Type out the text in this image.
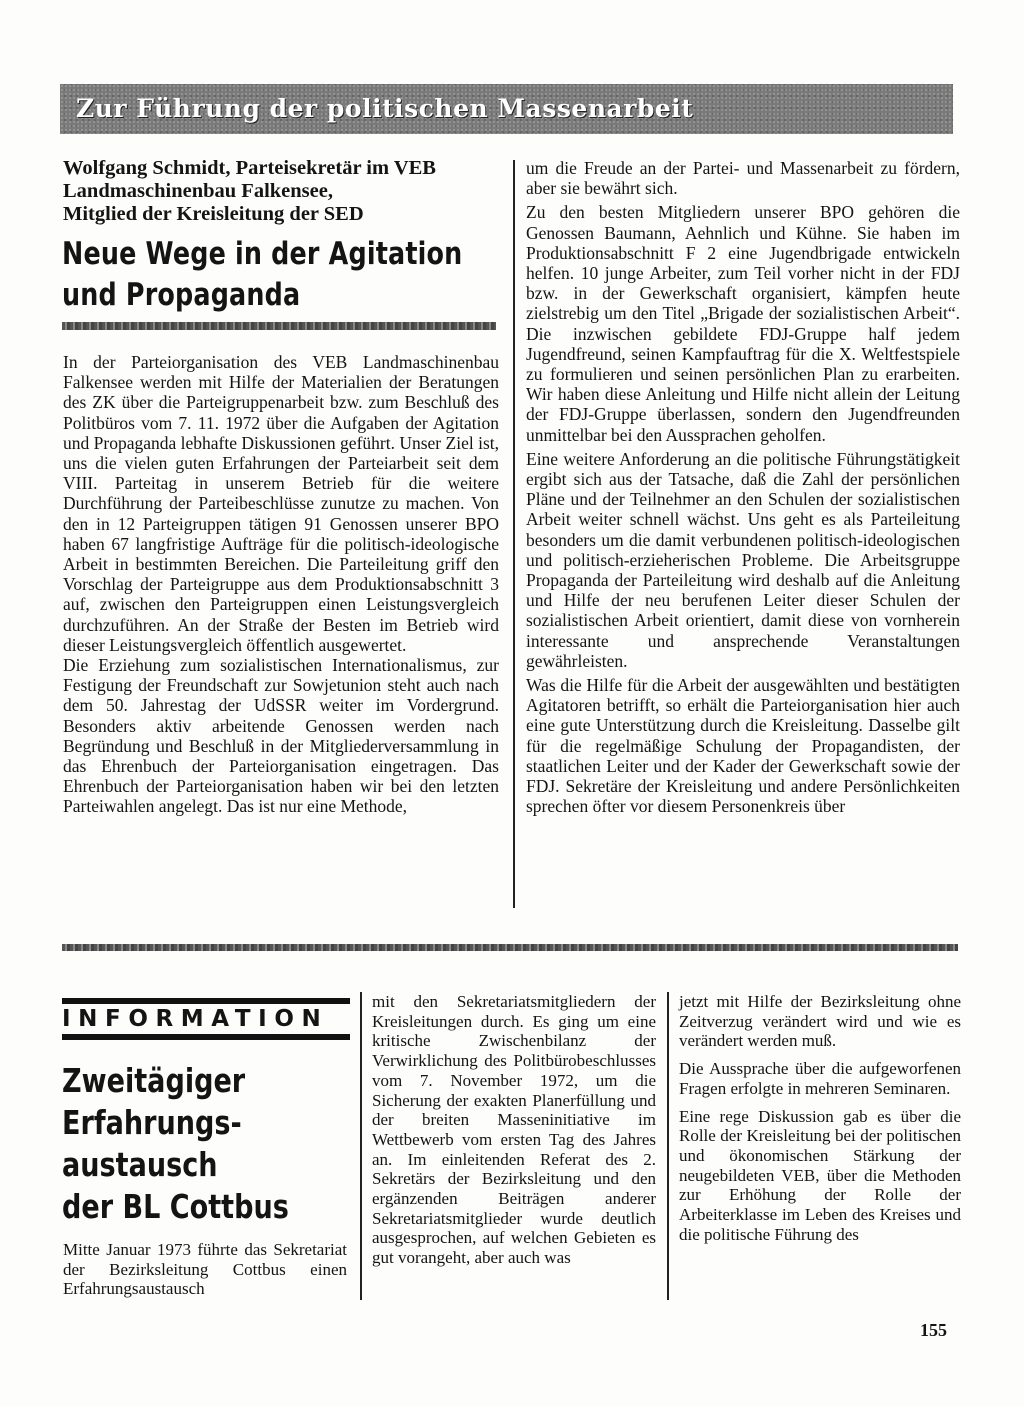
Zur Führung der politischen Massenarbeit
Wolfgang Schmidt, Parteisekretär im VEB
Landmaschinenbau Falkensee,
Mitglied der Kreisleitung der SED
Neue Wege in der Agitation
und Propaganda

In der Parteiorganisation des VEB Landmaschinenbau Falkensee werden mit Hilfe der Materialien der Beratungen des ZK über die Parteigruppenarbeit bzw. zum Beschluß des Politbüros vom 7. 11. 1972 über die Aufgaben der Agitation und Propaganda lebhafte Diskussionen geführt. Unser Ziel ist, uns die vielen guten Erfahrungen der Parteiarbeit seit dem VIII. Parteitag in unserem Betrieb für die weitere Durchführung der Parteibeschlüsse zunutze zu machen. Von den in 12 Parteigruppen tätigen 91 Genossen unserer BPO haben 67 langfristige Aufträge für die politisch-ideologische Arbeit in bestimmten Bereichen. Die Parteileitung griff den Vorschlag der Parteigruppe aus dem Produktionsabschnitt 3 auf, zwischen den Parteigruppen einen Leistungsvergleich durchzuführen. An der Straße der Besten im Betrieb wird dieser Leistungsvergleich öffentlich ausgewertet.

Die Erziehung zum sozialistischen Internationalismus, zur Festigung der Freundschaft zur Sowjetunion steht auch nach dem 50. Jahrestag der UdSSR weiter im Vordergrund. Besonders aktiv arbeitende Genossen werden nach Begründung und Beschluß in der Mitgliederversammlung in das Ehrenbuch der Parteiorganisation eingetragen. Das Ehrenbuch der Parteiorganisation haben wir bei den letzten Parteiwahlen angelegt. Das ist nur eine Methode,

um die Freude an der Partei- und Massenarbeit zu fördern, aber sie bewährt sich.

Zu den besten Mitgliedern unserer BPO gehören die Genossen Baumann, Aehnlich und Kühne. Sie haben im Produktionsabschnitt F 2 eine Jugendbrigade entwickeln helfen. 10 junge Arbeiter, zum Teil vorher nicht in der FDJ bzw. in der Gewerkschaft organisiert, kämpfen heute zielstrebig um den Titel „Brigade der sozialistischen Arbeit“. Die inzwischen gebildete FDJ-Gruppe half jedem Jugendfreund, seinen Kampfauftrag für die X. Weltfestspiele zu formulieren und seinen persönlichen Plan zu erarbeiten. Wir haben diese Anleitung und Hilfe nicht allein der Leitung der FDJ-Gruppe überlassen, sondern den Jugendfreunden unmittelbar bei den Aussprachen geholfen.

Eine weitere Anforderung an die politische Führungstätigkeit ergibt sich aus der Tatsache, daß die Zahl der persönlichen Pläne und der Teilnehmer an den Schulen der sozialistischen Arbeit weiter schnell wächst. Uns geht es als Parteileitung besonders um die damit verbundenen politisch-ideologischen und politisch-erzieherischen Probleme. Die Arbeitsgruppe Propaganda der Parteileitung wird deshalb auf die Anleitung und Hilfe der neu berufenen Leiter dieser Schulen der sozialistischen Arbeit orientiert, damit diese von vornherein interessante und ansprechende Veranstaltungen gewährleisten.

Was die Hilfe für die Arbeit der ausgewählten und bestätigten Agitatoren betrifft, so erhält die Parteiorganisation hier auch eine gute Unterstützung durch die Kreisleitung. Dasselbe gilt für die regelmäßige Schulung der Propagandisten, der staatlichen Leiter und der Kader der Gewerkschaft sowie der FDJ. Sekretäre der Kreisleitung und andere Persönlichkeiten sprechen öfter vor diesem Personenkreis über

INFORMATION
Zweitägiger
Erfahrungs-
austausch
der BL Cottbus

Mitte Januar 1973 führte das Sekretariat der Bezirksleitung Cottbus einen Erfahrungsaustausch

mit den Sekretariatsmitgliedern der Kreisleitungen durch. Es ging um eine kritische Zwischenbilanz der Verwirklichung des Politbürobeschlusses vom 7. November 1972, um die Sicherung der exakten Planerfüllung und der breiten Masseninitiative im Wettbewerb vom ersten Tag des Jahres an. Im einleitenden Referat des 2. Sekretärs der Bezirksleitung und den ergänzenden Beiträgen anderer Sekretariatsmitglieder wurde deutlich ausgesprochen, auf welchen Gebieten es gut vorangeht, aber auch was

jetzt mit Hilfe der Bezirksleitung ohne Zeitverzug verändert wird und wie es verändert werden muß.

Die Aussprache über die aufgeworfenen Fragen erfolgte in mehreren Seminaren.

Eine rege Diskussion gab es über die Rolle der Kreisleitung bei der politischen und ökonomischen Stärkung der neugebildeten VEB, über die Methoden zur Erhöhung der Rolle der Arbeiterklasse im Leben des Kreises und die politische Führung des

155
